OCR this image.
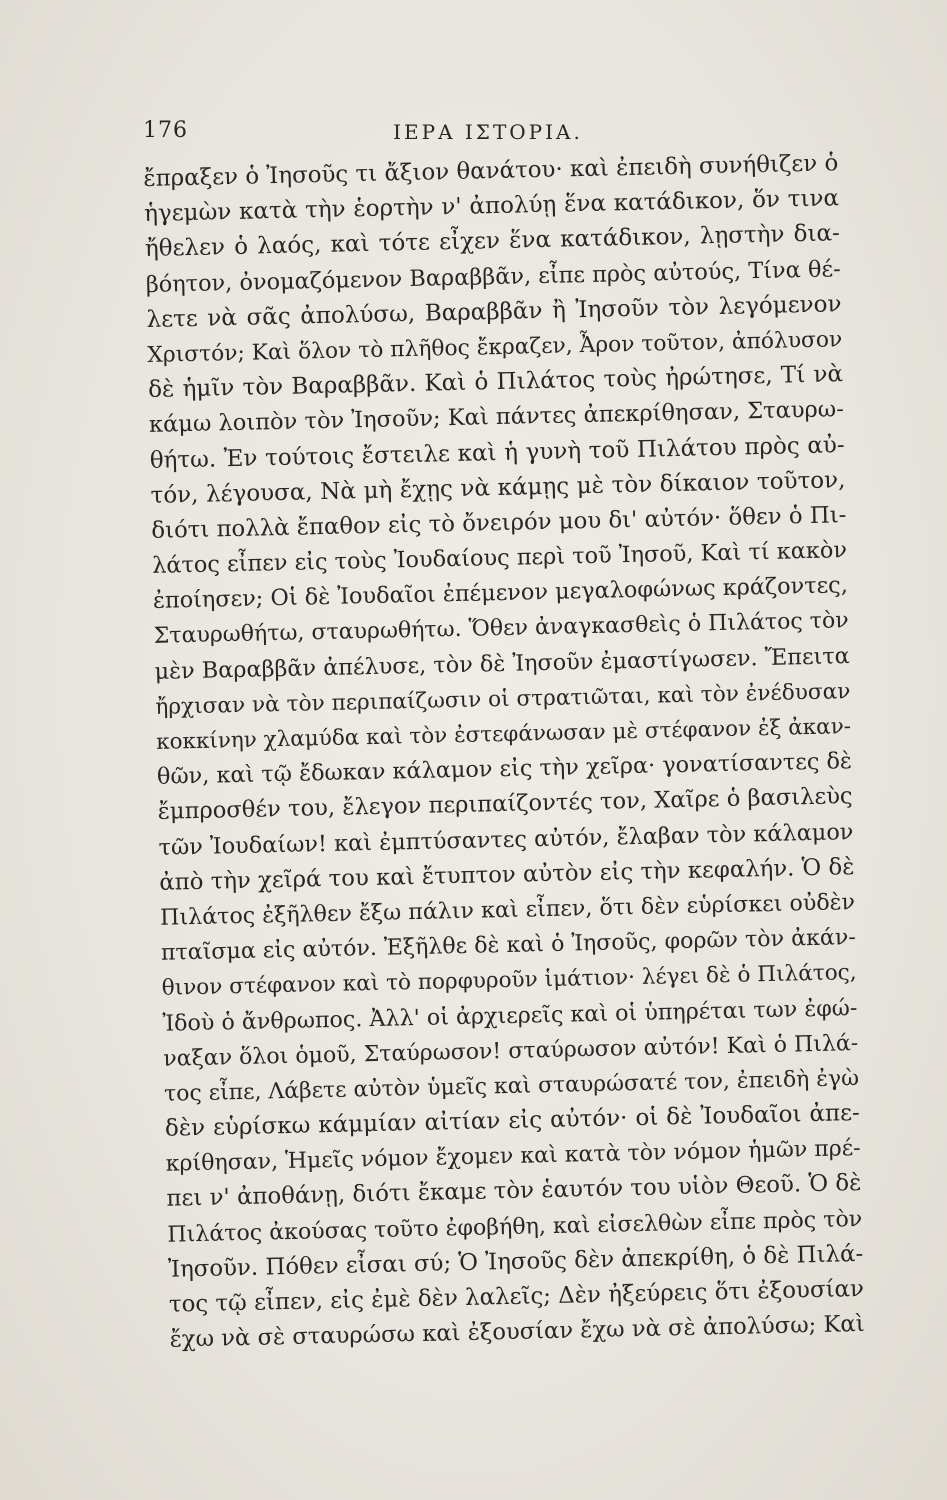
176	ΙΕΡΑ ΙΣΤΟΡΙΑ.
ἔπραξεν ὁ Ἰησοῦς τι ἄξιον θανάτου· καὶ ἐπειδὴ συνήθιζεν ὁ
ἡγεμὼν κατὰ τὴν ἑορτὴν ν' ἀπολύῃ ἕνα κατάδικον, ὅν τινα
ἤθελεν ὁ λαός, καὶ τότε εἶχεν ἕνα κατάδικον, λῃστὴν δια-
βόητον, ὀνομαζόμενον Βαραββᾶν, εἶπε πρὸς αὐτούς, Τίνα θέ-
λετε νὰ σᾶς ἀπολύσω, Βαραββᾶν ἢ Ἰησοῦν τὸν λεγόμενον
Χριστόν; Καὶ ὅλον τὸ πλῆθος ἔκραζεν, Ἆρον τοῦτον, ἀπόλυσον
δὲ ἡμῖν τὸν Βαραββᾶν. Καὶ ὁ Πιλάτος τοὺς ἠρώτησε, Τί νὰ
κάμω λοιπὸν τὸν Ἰησοῦν; Καὶ πάντες ἀπεκρίθησαν, Σταυρω-
θήτω. Ἐν τούτοις ἔστειλε καὶ ἡ γυνὴ τοῦ Πιλάτου πρὸς αὐ-
τόν, λέγουσα, Νὰ μὴ ἔχῃς νὰ κάμῃς μὲ τὸν δίκαιον τοῦτον,
διότι πολλὰ ἔπαθον εἰς τὸ ὄνειρόν μου δι' αὐτόν· ὅθεν ὁ Πι-
λάτος εἶπεν εἰς τοὺς Ἰουδαίους περὶ τοῦ Ἰησοῦ, Καὶ τί κακὸν
ἐποίησεν; Οἱ δὲ Ἰουδαῖοι ἐπέμενον μεγαλοφώνως κράζοντες,
Σταυρωθήτω, σταυρωθήτω. Ὅθεν ἀναγκασθεὶς ὁ Πιλάτος τὸν
μὲν Βαραββᾶν ἀπέλυσε, τὸν δὲ Ἰησοῦν ἐμαστίγωσεν. Ἔπειτα
ἤρχισαν νὰ τὸν περιπαίζωσιν οἱ στρατιῶται, καὶ τὸν ἐνέδυσαν
κοκκίνην χλαμύδα καὶ τὸν ἐστεφάνωσαν μὲ στέφανον ἐξ ἀκαν-
θῶν, καὶ τῷ ἔδωκαν κάλαμον εἰς τὴν χεῖρα· γονατίσαντες δὲ
ἔμπροσθέν του, ἔλεγον περιπαίζοντές τον, Χαῖρε ὁ βασιλεὺς
τῶν Ἰουδαίων! καὶ ἐμπτύσαντες αὐτόν, ἔλαβαν τὸν κάλαμον
ἀπὸ τὴν χεῖρά του καὶ ἔτυπτον αὐτὸν εἰς τὴν κεφαλήν. Ὁ δὲ
Πιλάτος ἐξῆλθεν ἔξω πάλιν καὶ εἶπεν, ὅτι δὲν εὑρίσκει οὐδὲν
πταῖσμα εἰς αὐτόν. Ἐξῆλθε δὲ καὶ ὁ Ἰησοῦς, φορῶν τὸν ἀκάν-
θινον στέφανον καὶ τὸ πορφυροῦν ἱμάτιον· λέγει δὲ ὁ Πιλάτος,
Ἰδοὺ ὁ ἄνθρωπος. Ἀλλ' οἱ ἀρχιερεῖς καὶ οἱ ὑπηρέται των ἐφώ-
ναξαν ὅλοι ὁμοῦ, Σταύρωσον! σταύρωσον αὐτόν! Καὶ ὁ Πιλά-
τος εἶπε, Λάβετε αὐτὸν ὑμεῖς καὶ σταυρώσατέ τον, ἐπειδὴ ἐγὼ
δὲν εὑρίσκω κάμμίαν αἰτίαν εἰς αὐτόν· οἱ δὲ Ἰουδαῖοι ἀπε-
κρίθησαν, Ἡμεῖς νόμον ἔχομεν καὶ κατὰ τὸν νόμον ἡμῶν πρέ-
πει ν' ἀποθάνῃ, διότι ἔκαμε τὸν ἑαυτόν του υἱὸν Θεοῦ. Ὁ δὲ
Πιλάτος ἀκούσας τοῦτο ἐφοβήθη, καὶ εἰσελθὼν εἶπε πρὸς τὸν
Ἰησοῦν. Πόθεν εἶσαι σύ; Ὁ Ἰησοῦς δὲν ἀπεκρίθη, ὁ δὲ Πιλά-
τος τῷ εἶπεν, εἰς ἐμὲ δὲν λαλεῖς; Δὲν ἠξεύρεις ὅτι ἐξουσίαν
ἔχω νὰ σὲ σταυρώσω καὶ ἐξουσίαν ἔχω νὰ σὲ ἀπολύσω; Καὶ
